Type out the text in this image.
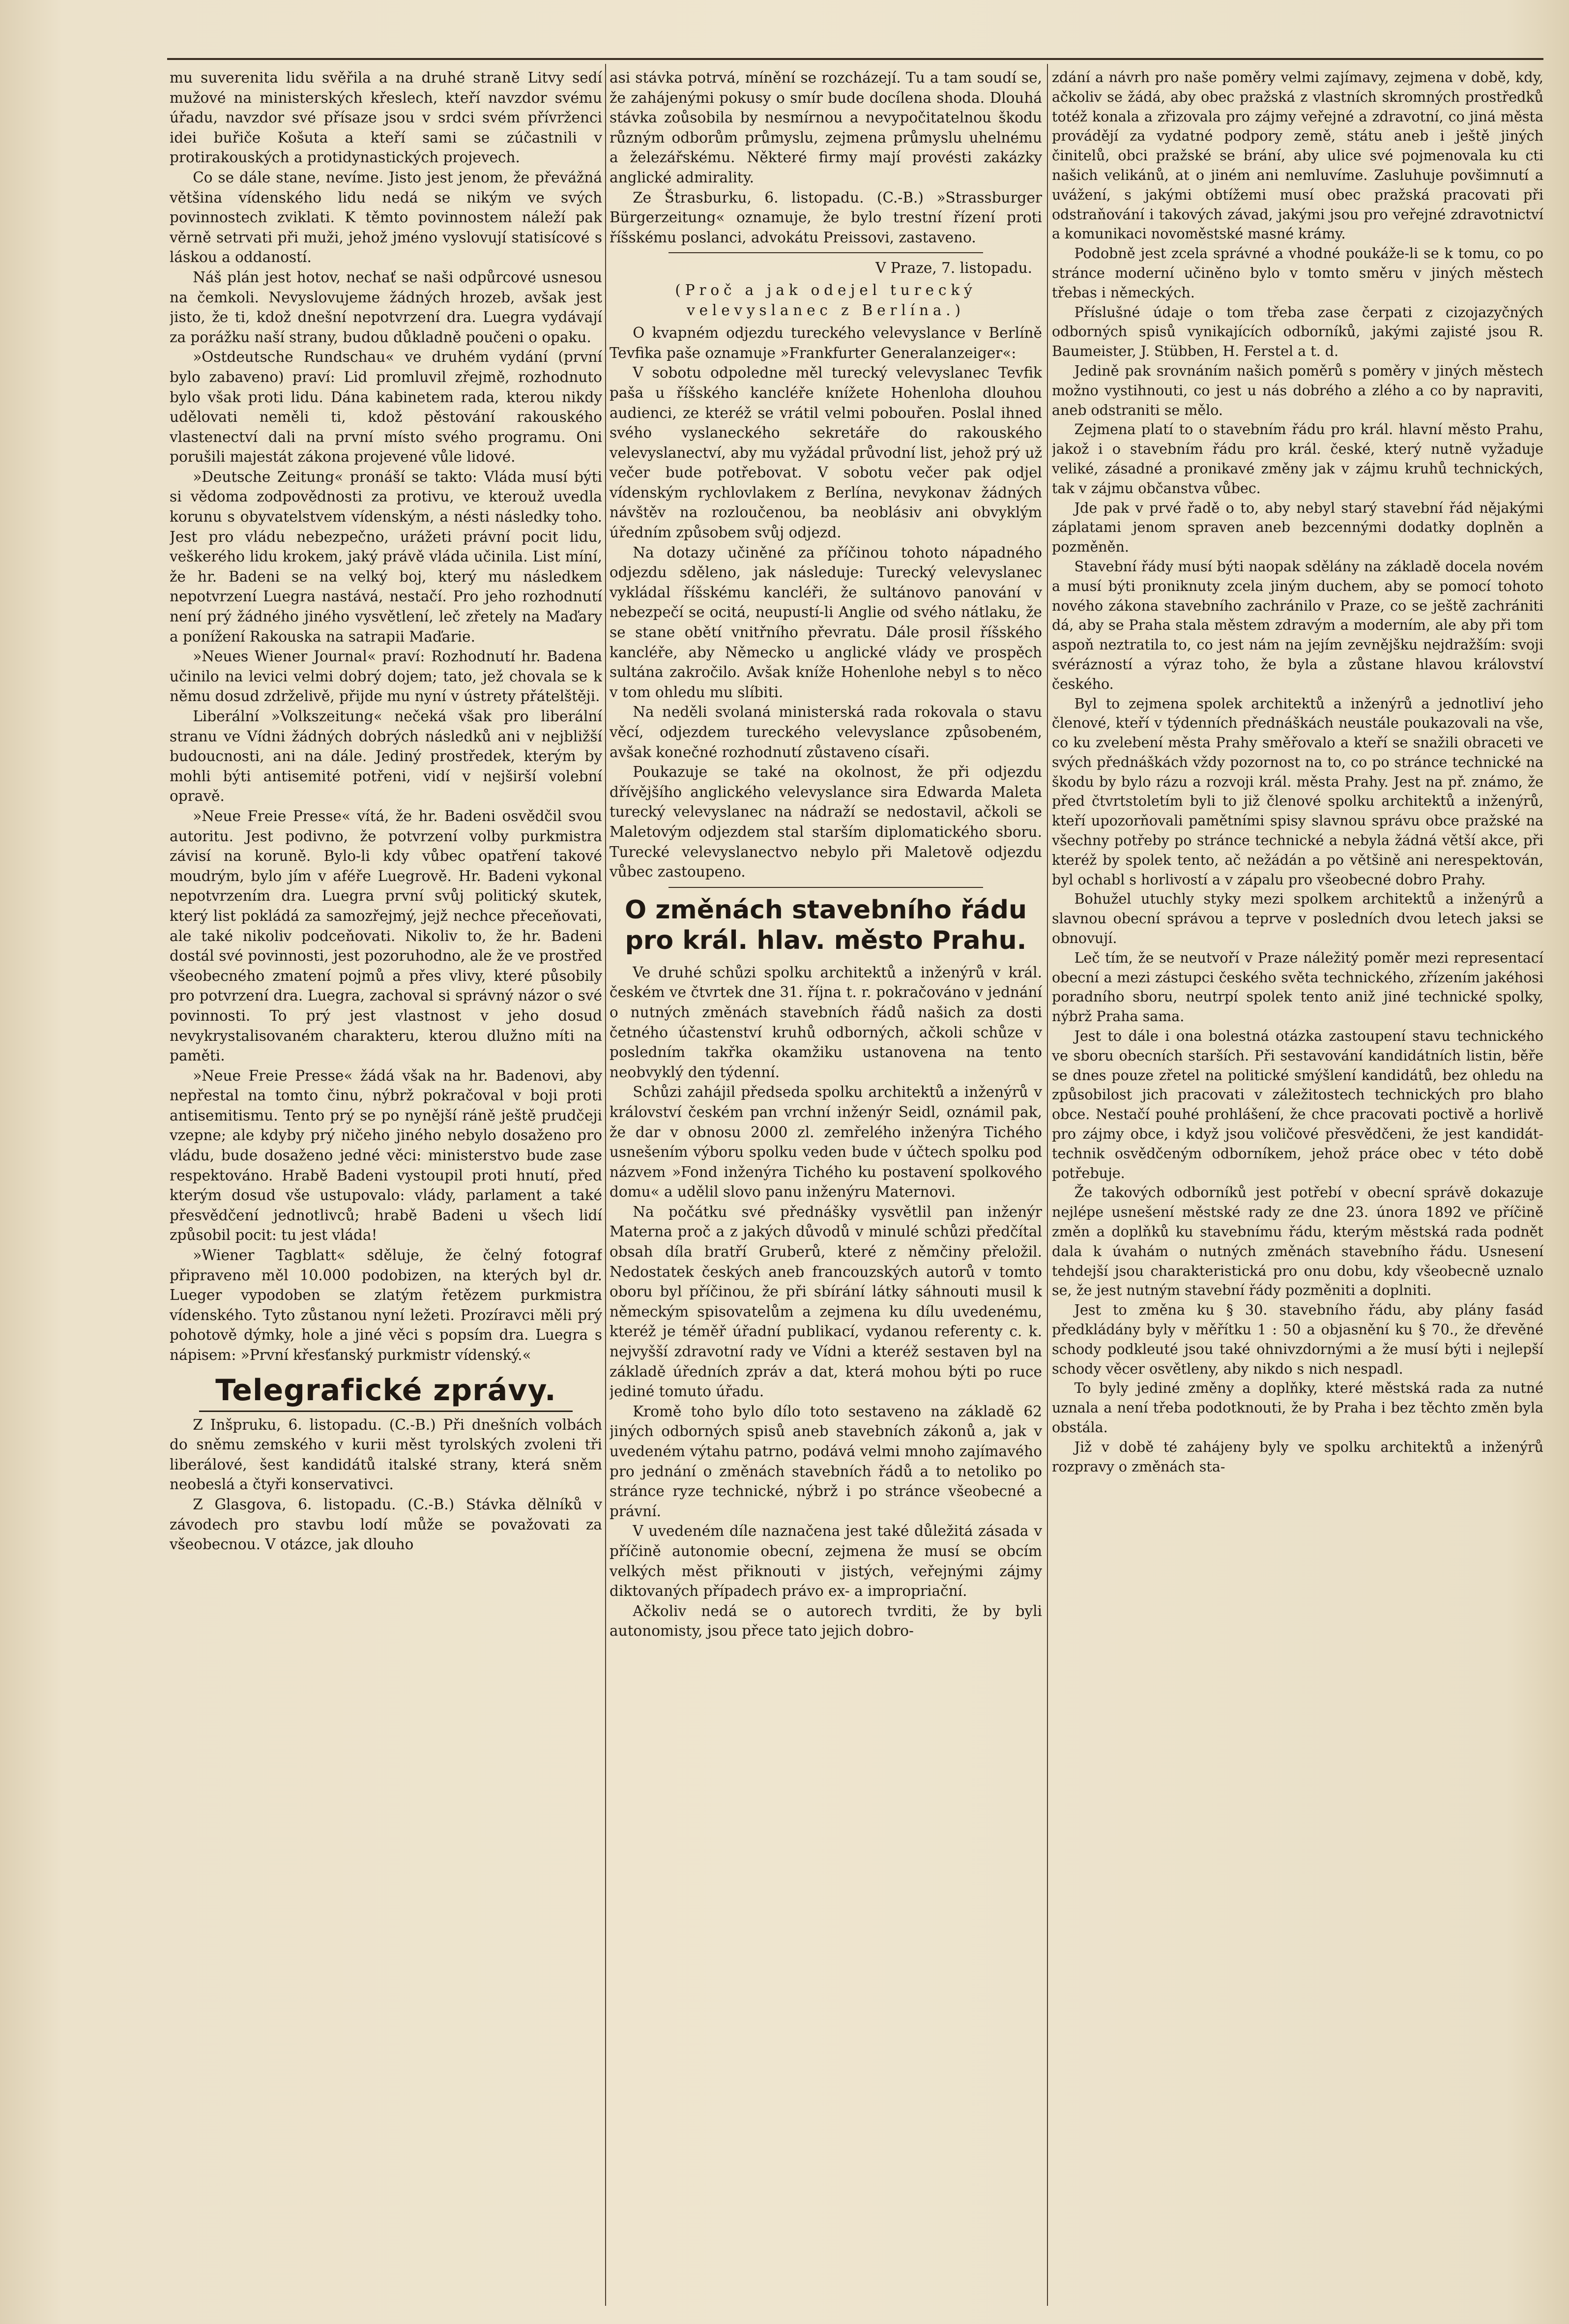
mu suverenita lidu svěřila a na druhé straně Litvy sedí mužové na ministerských křeslech, kteří navzdor svému úřadu, navzdor své přísaze jsou v srdci svém přívrženci idei buřiče Košuta a kteří sami se zúčastnili v protirakouských a protidynastických projevech.

Co se dále stane, nevíme. Jisto jest jenom, že převážná většina vídenského lidu nedá se nikým ve svých povinnostech zviklati. K těmto povinnostem náleží pak věrně setrvati při muži, jehož jméno vyslovují statisícové s láskou a oddaností.

Náš plán jest hotov, nechať se naši odpůrcové usnesou na čemkoli. Nevyslovujeme žádných hrozeb, avšak jest jisto, že ti, kdož dnešní nepotvrzení dra. Luegra vydávají za porážku naší strany, budou důkladně poučeni o opaku.

»Ostdeutsche Rundschau« ve druhém vydání (první bylo zabaveno) praví: Lid promluvil zřejmě, rozhodnuto bylo však proti lidu. Dána kabinetem rada, kterou nikdy udělovati neměli ti, kdož pěstování rakouského vlastenectví dali na první místo svého programu. Oni porušili majestát zákona projevené vůle lidové.

»Deutsche Zeitung« pronáší se takto: Vláda musí býti si vědoma zodpovědnosti za protivu, ve kterouž uvedla korunu s obyvatelstvem vídenským, a nésti následky toho. Jest pro vládu nebezpečno, urážeti právní pocit lidu, veškerého lidu krokem, jaký právě vláda učinila. List míní, že hr. Badeni se na velký boj, který mu následkem nepotvrzení Luegra nastává, nestačí. Pro jeho rozhodnutí není prý žádného jiného vysvětlení, leč zřetely na Maďary a ponížení Rakouska na satrapii Maďarie.

»Neues Wiener Journal« praví: Rozhodnutí hr. Badena učinilo na levici velmi dobrý dojem; tato, jež chovala se k němu dosud zdrželivě, přijde mu nyní v ústrety přátelštěji.

Liberální »Volkszeitung« nečeká však pro liberální stranu ve Vídni žádných dobrých následků ani v nejbližší budoucnosti, ani na dále. Jediný prostředek, kterým by mohli býti antisemité potřeni, vidí v nejširší volební opravě.

»Neue Freie Presse« vítá, že hr. Badeni osvědčil svou autoritu. Jest podivno, že potvrzení volby purkmistra závisí na koruně. Bylo-li kdy vůbec opatření takové moudrým, bylo jím v aféře Luegrově. Hr. Badeni vykonal nepotvrzením dra. Luegra první svůj politický skutek, který list pokládá za samozřejmý, jejž nechce přeceňovati, ale také nikoliv podceňovati. Nikoliv to, že hr. Badeni dostál své povinnosti, jest pozoruhodno, ale že ve prostřed všeobecného zmatení pojmů a přes vlivy, které působily pro potvrzení dra. Luegra, zachoval si správný názor o své povinnosti. To prý jest vlastnost v jeho dosud nevykrystalisovaném charakteru, kterou dlužno míti na paměti.

»Neue Freie Presse« žádá však na hr. Badenovi, aby nepřestal na tomto činu, nýbrž pokračoval v boji proti antisemitismu. Tento prý se po nynější ráně ještě prudčeji vzepne; ale kdyby prý ničeho jiného nebylo dosaženo pro vládu, bude dosaženo jedné věci: ministerstvo bude zase respektováno. Hrabě Badeni vystoupil proti hnutí, před kterým dosud vše ustupovalo: vlády, parlament a také přesvědčení jednotlivců; hrabě Badeni u všech lidí způsobil pocit: tu jest vláda!

»Wiener Tagblatt« sděluje, že čelný fotograf připraveno měl 10.000 podobizen, na kterých byl dr. Lueger vypodoben se zlatým řetězem purkmistra vídenského. Tyto zůstanou nyní ležeti. Prozíravci měli prý pohotově dýmky, hole a jiné věci s popsím dra. Luegra s nápisem: »První křesťanský purkmistr vídenský.«

Telegrafické zprávy.

Z Inšpruku, 6. listopadu. (C.-B.) Při dnešních volbách do sněmu zemského v kurii měst tyrolských zvoleni tři liberálové, šest kandidátů italské strany, která sněm neobeslá a čtyři konservativci.

Z Glasgova, 6. listopadu. (C.-B.) Stávka dělníků v závodech pro stavbu lodí může se považovati za všeobecnou. V otázce, jak dlouho

asi stávka potrvá, mínění se rozcházejí. Tu a tam soudí se, že zahájenými pokusy o smír bude docílena shoda. Dlouhá stávka zoůsobila by nesmírnou a nevypočitatelnou škodu různým odborům průmyslu, zejmena průmyslu uhelnému a železářskému. Některé firmy mají provésti zakázky anglické admirality.

Ze Štrasburku, 6. listopadu. (C.-B.) »Strassburger Bürgerzeitung« oznamuje, že bylo trestní řízení proti říšskému poslanci, advokátu Preissovi, zastaveno.

V Praze, 7. listopadu.
(Proč a jak odejel turecký velevyslanec z Berlína.)

O kvapném odjezdu tureckého velevyslance v Berlíně Tevfika paše oznamuje »Frankfurter Generalanzeiger«:

V sobotu odpoledne měl turecký velevyslanec Tevfik paša u říšského kancléře knížete Hohenloha dlouhou audienci, ze kteréž se vrátil velmi pobouřen. Poslal ihned svého vyslaneckého sekretáře do rakouského velevyslanectví, aby mu vyžádal průvodní list, jehož prý už večer bude potřebovat. V sobotu večer pak odjel vídenským rychlovlakem z Berlína, nevykonav žádných návštěv na rozloučenou, ba neoblásiv ani obvyklým úředním způsobem svůj odjezd.

Na dotazy učiněné za příčinou tohoto nápadného odjezdu sděleno, jak následuje: Turecký velevyslanec vykládal říšskému kancléři, že sultánovo panování v nebezpečí se ocitá, neupustí-li Anglie od svého nátlaku, že se stane obětí vnitřního převratu. Dále prosil říšského kancléře, aby Německo u anglické vlády ve prospěch sultána zakročilo. Avšak kníže Hohenlohe nebyl s to něco v tom ohledu mu slíbiti.

Na neděli svolaná ministerská rada rokovala o stavu věcí, odjezdem tureckého velevyslance způsobeném, avšak konečné rozhodnutí zůstaveno císaři.

Poukazuje se také na okolnost, že při odjezdu dřívějšího anglického velevyslance sira Edwarda Maleta turecký velevyslanec na nádraží se nedostavil, ačkoli se Maletovým odjezdem stal starším diplomatického sboru. Turecké velevyslanectvo nebylo při Maletově odjezdu vůbec zastoupeno.

O změnách stavebního řádu pro král. hlav. město Prahu.

Ve druhé schůzi spolku architektů a inženýrů v král. českém ve čtvrtek dne 31. října t. r. pokračováno v jednání o nutných změnách stavebních řádů našich za dosti četného účastenství kruhů odborných, ačkoli schůze v posledním takřka okamžiku ustanovena na tento neobvyklý den týdenní.

Schůzi zahájil předseda spolku architektů a inženýrů v království českém pan vrchní inženýr Seidl, oznámil pak, že dar v obnosu 2000 zl. zemřelého inženýra Tichého usnešením výboru spolku veden bude v účtech spolku pod názvem »Fond inženýra Tichého ku postavení spolkového domu« a udělil slovo panu inženýru Maternovi.

Na počátku své přednášky vysvětlil pan inženýr Materna proč a z jakých důvodů v minulé schůzi předčítal obsah díla bratří Gruberů, které z němčiny přeložil. Nedostatek českých aneb francouzských autorů v tomto oboru byl příčinou, že při sbírání látky sáhnouti musil k německým spisovatelům a zejmena ku dílu uvedenému, kteréž je téměř úřadní publikací, vydanou referenty c. k. nejvyšší zdravotní rady ve Vídni a kteréž sestaven byl na základě úředních zpráv a dat, která mohou býti po ruce jediné tomuto úřadu.

Kromě toho bylo dílo toto sestaveno na základě 62 jiných odborných spisů aneb stavebních zákonů a, jak v uvedeném výtahu patrno, podává velmi mnoho zajímavého pro jednání o změnách stavebních řádů a to netoliko po stránce ryze technické, nýbrž i po stránce všeobecné a právní.

V uvedeném díle naznačena jest také důležitá zásada v příčině autonomie obecní, zejmena že musí se obcím velkých měst přiknouti v jistých, veřejnými zájmy diktovaných případech právo ex- a impropriační.

Ačkoliv nedá se o autorech tvrditi, že by byli autonomisty, jsou přece tato jejich dobro-

zdání a návrh pro naše poměry velmi zajímavy, zejmena v době, kdy, ačkoliv se žádá, aby obec pražská z vlastních skromných prostředků totéž konala a zřizovala pro zájmy veřejné a zdravotní, co jiná města provádějí za vydatné podpory země, státu aneb i ještě jiných činitelů, obci pražské se brání, aby ulice své pojmenovala ku cti našich velikánů, at o jiném ani nemluvíme. Zasluhuje povšimnutí a uvážení, s jakými obtížemi musí obec pražská pracovati při odstraňování i takových závad, jakými jsou pro veřejné zdravotnictví a komunikaci novoměstské masné krámy.

Podobně jest zcela správné a vhodné poukáže-li se k tomu, co po stránce moderní učiněno bylo v tomto směru v jiných městech třebas i německých.

Příslušné údaje o tom třeba zase čerpati z cizojazyčných odborných spisů vynikajících odborníků, jakými zajisté jsou R. Baumeister, J. Stübben, H. Ferstel a t. d.

Jedině pak srovnáním našich poměrů s poměry v jiných městech možno vystihnouti, co jest u nás dobrého a zlého a co by napraviti, aneb odstraniti se mělo.

Zejmena platí to o stavebním řádu pro král. hlavní město Prahu, jakož i o stavebním řádu pro král. české, který nutně vyžaduje veliké, zásadné a pronikavé změny jak v zájmu kruhů technických, tak v zájmu občanstva vůbec.

Jde pak v prvé řadě o to, aby nebyl starý stavební řád nějakými záplatami jenom spraven aneb bezcennými dodatky doplněn a pozměněn.

Stavební řády musí býti naopak sdělány na základě docela novém a musí býti proniknuty zcela jiným duchem, aby se pomocí tohoto nového zákona stavebního zachránilo v Praze, co se ještě zachrániti dá, aby se Praha stala městem zdravým a moderním, ale aby při tom aspoň neztratila to, co jest nám na jejím zevnějšku nejdražším: svoji svérázností a výraz toho, že byla a zůstane hlavou království českého.

Byl to zejmena spolek architektů a inženýrů a jednotliví jeho členové, kteří v týdenních přednáškách neustále poukazovali na vše, co ku zvelebení města Prahy směřovalo a kteří se snažili obraceti ve svých přednáškách vždy pozornost na to, co po stránce technické na škodu by bylo rázu a rozvoji král. města Prahy. Jest na př. známo, že před čtvrtstoletím byli to již členové spolku architektů a inženýrů, kteří upozorňovali pamětními spisy slavnou správu obce pražské na všechny potřeby po stránce technické a nebyla žádná větší akce, při kteréž by spolek tento, ač nežádán a po většině ani nerespektován, byl ochabl s horlivostí a v zápalu pro všeobecné dobro Prahy.

Bohužel utuchly styky mezi spolkem architektů a inženýrů a slavnou obecní správou a teprve v posledních dvou letech jaksi se obnovují.

Leč tím, že se neutvoří v Praze náležitý poměr mezi representací obecní a mezi zástupci českého světa technického, zřízením jakéhosi poradního sboru, neutrpí spolek tento aniž jiné technické spolky, nýbrž Praha sama.

Jest to dále i ona bolestná otázka zastoupení stavu technického ve sboru obecních starších. Při sestavování kandidátních listin, běře se dnes pouze zřetel na politické smýšlení kandidátů, bez ohledu na způsobilost jich pracovati v záležitostech technických pro blaho obce. Nestačí pouhé prohlášení, že chce pracovati poctivě a horlivě pro zájmy obce, i když jsou voličové přesvědčeni, že jest kandidát-technik osvědčeným odborníkem, jehož práce obec v této době potřebuje.

Že takových odborníků jest potřebí v obecní správě dokazuje nejlépe usnešení městské rady ze dne 23. února 1892 ve příčině změn a doplňků ku stavebnímu řádu, kterým městská rada podnět dala k úvahám o nutných změnách stavebního řádu. Usnesení tehdejší jsou charakteristická pro onu dobu, kdy všeobecně uznalo se, že jest nutným stavební řády pozměniti a doplniti.

Jest to změna ku § 30. stavebního řádu, aby plány fasád předkládány byly v měřítku 1 : 50 a objasnění ku § 70., že dřevěné schody podkleuté jsou také ohnivzdornými a že musí býti i nejlepší schody věcer osvětleny, aby nikdo s nich nespadl.

To byly jediné změny a doplňky, které městská rada za nutné uznala a není třeba podotknouti, že by Praha i bez těchto změn byla obstála.

Již v době té zahájeny byly ve spolku architektů a inženýrů rozpravy o změnách sta-
